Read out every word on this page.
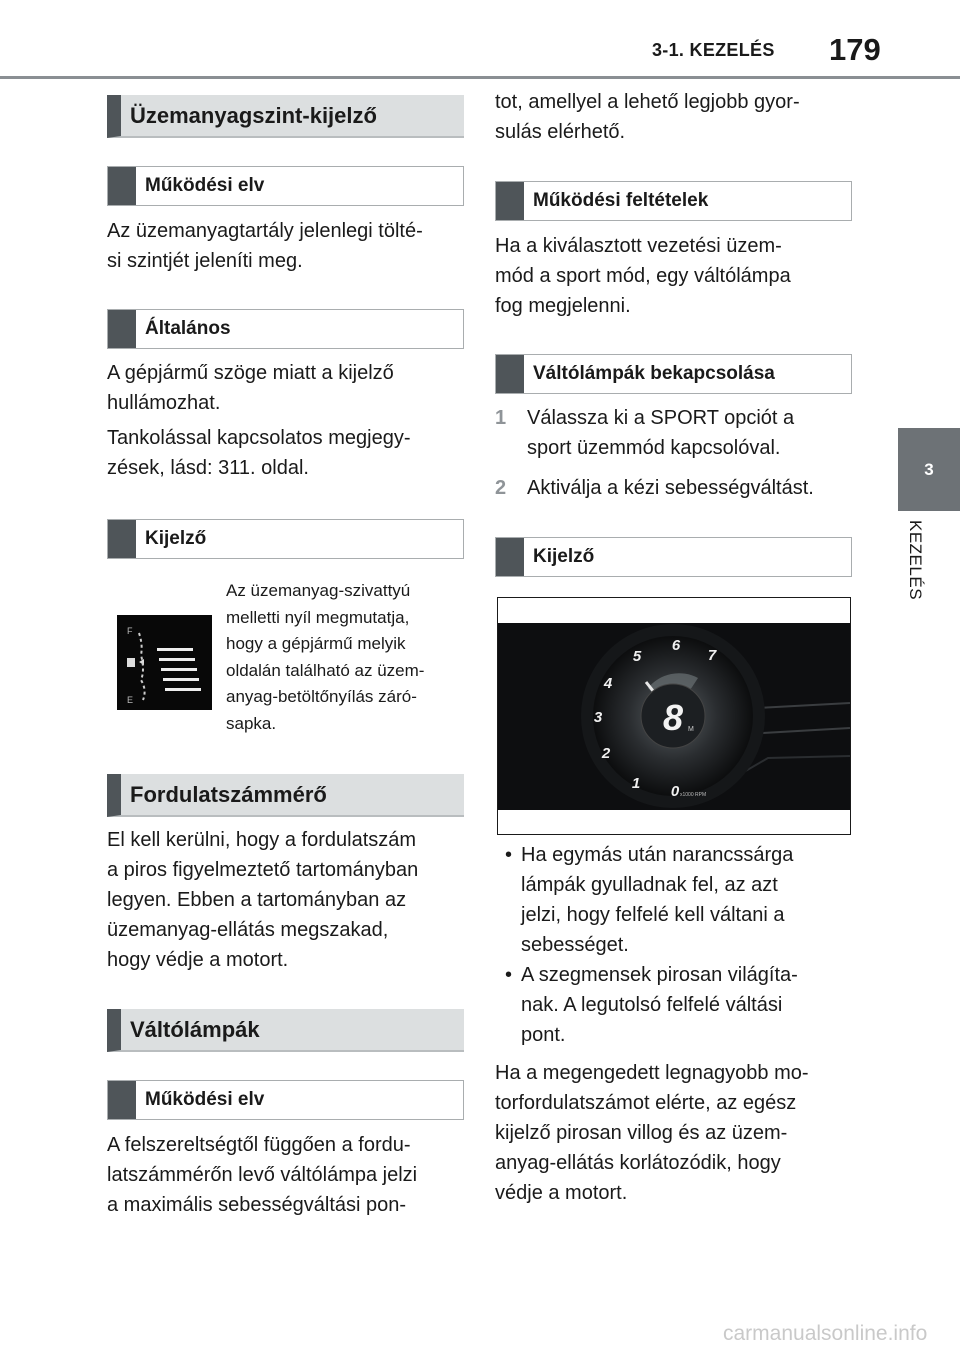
3-1. KEZELÉS 179
3
KEZELÉS
Üzemanyagszint-kijelző
Működési elv
Az üzemanyagtartály jelenlegi tölté-
si szintjét jeleníti meg.
Általános
A gépjármű szöge miatt a kijelző
hullámozhat.
Tankolással kapcsolatos megjegy-
zések, lásd: 311. oldal.
Kijelző
F
E
Az üzemanyag-szivattyú
melletti nyíl megmutatja,
hogy a gépjármű melyik
oldalán található az üzem-
anyag-betöltőnyílás záró-
sapka.
Fordulatszámmérő
El kell kerülni, hogy a fordulatszám
a piros figyelmeztető tartományban
legyen. Ebben a tartományban az
üzemanyag-ellátás megszakad,
hogy védje a motort.
Váltólámpák
Működési elv
A felszereltségtől függően a fordu-
latszámmérőn levő váltólámpa jelzi
a maximális sebességváltási pon-
tot, amellyel a lehető legjobb gyor-
sulás elérhető.
Működési feltételek
Ha a kiválasztott vezetési üzem-
mód a sport mód, egy váltólámpa
fog megjelenni.
Váltólámpák bekapcsolása
1 Válassza ki a SPORT opciót a
sport üzemmód kapcsolóval.
2 Aktiválja a kézi sebességváltást.
Kijelző
8 M
x1000 RPM
0
1
2
3
4
5
6
7
• Ha egymás után narancssárga
lámpák gyulladnak fel, az azt
jelzi, hogy felfelé kell váltani a
sebességet.
• A szegmensek pirosan világíta-
nak. A legutolsó felfelé váltási
pont.
Ha a megengedett legnagyobb mo-
torfordulatszámot elérte, az egész
kijelző pirosan villog és az üzem-
anyag-ellátás korlátozódik, hogy
védje a motort.
carmanualsonline.info
